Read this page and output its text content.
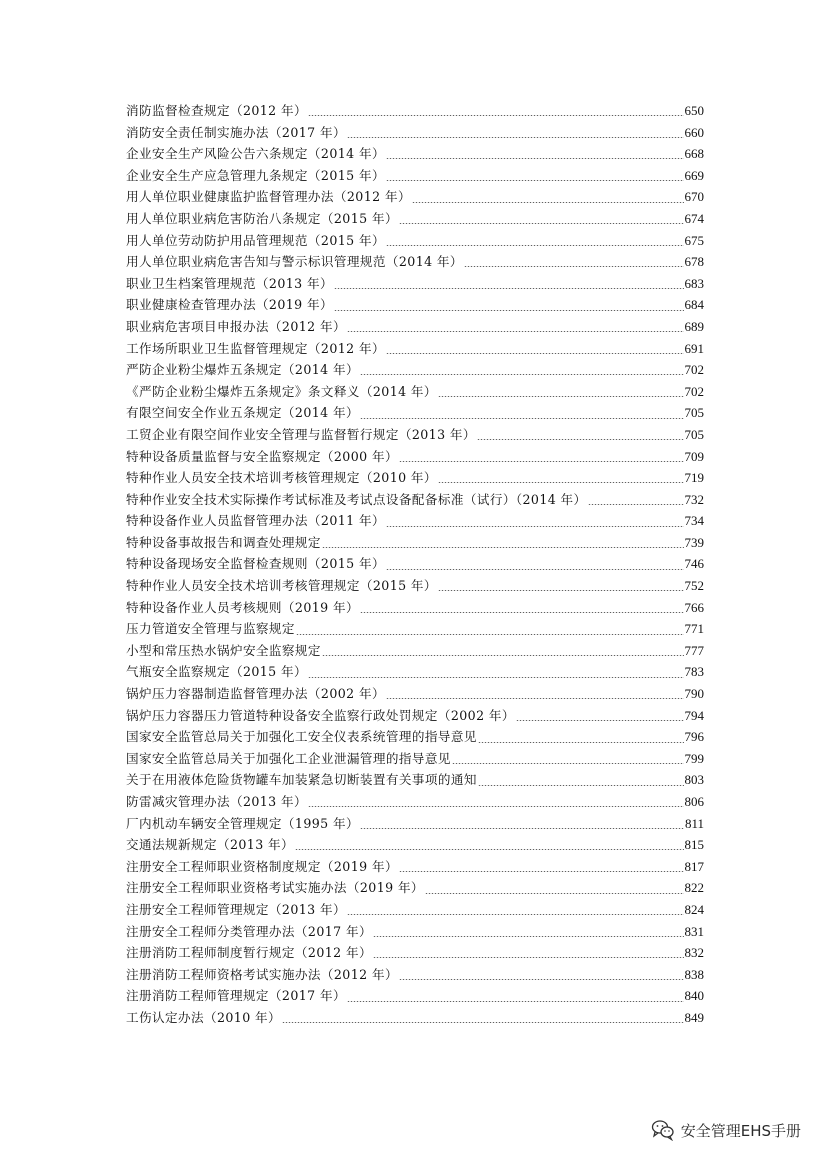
消防监督检查规定（2012 年）	650
消防安全责任制实施办法（2017 年）	660
企业安全生产风险公告六条规定（2014 年）	668
企业安全生产应急管理九条规定（2015 年）	669
用人单位职业健康监护监督管理办法（2012 年）	670
用人单位职业病危害防治八条规定（2015 年）	674
用人单位劳动防护用品管理规范（2015 年）	675
用人单位职业病危害告知与警示标识管理规范（2014 年）	678
职业卫生档案管理规范（2013 年）	683
职业健康检查管理办法（2019 年）	684
职业病危害项目申报办法（2012 年）	689
工作场所职业卫生监督管理规定（2012 年）	691
严防企业粉尘爆炸五条规定（2014 年）	702
《严防企业粉尘爆炸五条规定》条文释义（2014 年）	702
有限空间安全作业五条规定（2014 年）	705
工贸企业有限空间作业安全管理与监督暂行规定（2013 年）	705
特种设备质量监督与安全监察规定（2000 年）	709
特种作业人员安全技术培训考核管理规定（2010 年）	719
特种作业安全技术实际操作考试标准及考试点设备配备标准（试行）（2014 年）	732
特种设备作业人员监督管理办法（2011 年）	734
特种设备事故报告和调查处理规定	739
特种设备现场安全监督检查规则（2015 年）	746
特种作业人员安全技术培训考核管理规定（2015 年）	752
特种设备作业人员考核规则（2019 年）	766
压力管道安全管理与监察规定	771
小型和常压热水锅炉安全监察规定	777
气瓶安全监察规定（2015 年）	783
锅炉压力容器制造监督管理办法（2002 年）	790
锅炉压力容器压力管道特种设备安全监察行政处罚规定（2002 年）	794
国家安全监管总局关于加强化工安全仪表系统管理的指导意见	796
国家安全监管总局关于加强化工企业泄漏管理的指导意见	799
关于在用液体危险货物罐车加装紧急切断装置有关事项的通知	803
防雷减灾管理办法（2013 年）	806
厂内机动车辆安全管理规定（1995 年）	811
交通法规新规定（2013 年）	815
注册安全工程师职业资格制度规定（2019 年）	817
注册安全工程师职业资格考试实施办法（2019 年）	822
注册安全工程师管理规定（2013 年）	824
注册安全工程师分类管理办法（2017 年）	831
注册消防工程师制度暂行规定（2012 年）	832
注册消防工程师资格考试实施办法（2012 年）	838
注册消防工程师管理规定（2017 年）	840
工伤认定办法（2010 年）	849
安全管理EHS手册
